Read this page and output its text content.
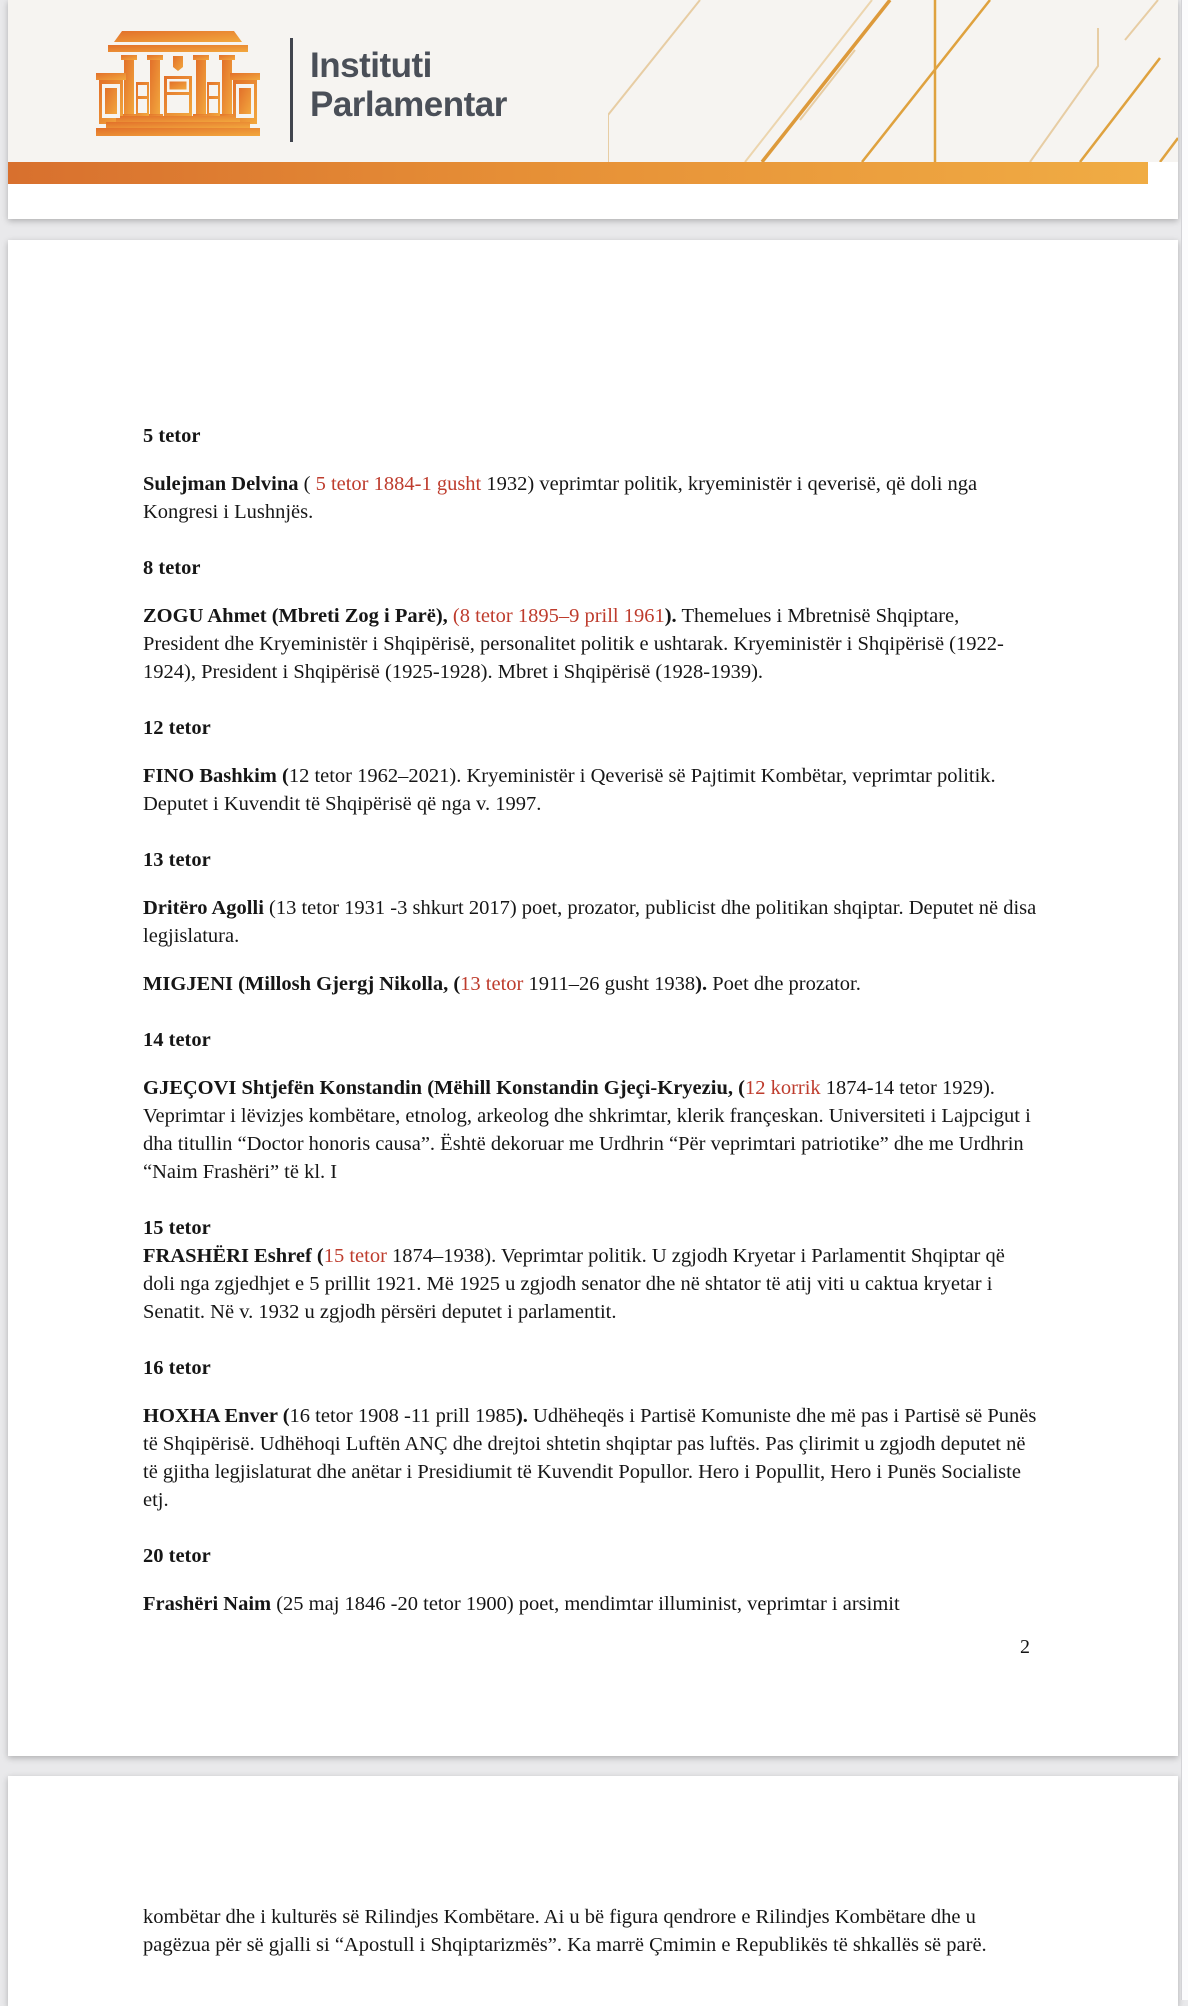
Instituti
Parlamentar
5 tetor

Sulejman Delvina ( 5 tetor 1884-1 gusht 1932) veprimtar politik, kryeministër i qeverisë, që doli nga Kongresi i Lushnjës.

8 tetor

ZOGU Ahmet (Mbreti Zog i Parë), (8 tetor 1895–9 prill 1961). Themelues i Mbretnisë Shqiptare, President dhe Kryeministër i Shqipërisë, personalitet politik e ushtarak. Kryeministër i Shqipërisë (1922-1924), President i Shqipërisë (1925-1928). Mbret i Shqipërisë (1928-1939).

12 tetor

FINO Bashkim (12 tetor 1962–2021). Kryeministër i Qeverisë së Pajtimit Kombëtar, veprimtar politik. Deputet i Kuvendit të Shqipërisë që nga v. 1997.

13 tetor

Dritëro Agolli (13 tetor 1931 -3 shkurt 2017) poet, prozator, publicist dhe politikan shqiptar. Deputet në disa legjislatura.

MIGJENI (Millosh Gjergj Nikolla, (13 tetor 1911–26 gusht 1938). Poet dhe prozator.

14 tetor

GJEÇOVI Shtjefën Konstandin (Mëhill Konstandin Gjeçi-Kryeziu, (12 korrik 1874-14 tetor 1929). Veprimtar i lëvizjes kombëtare, etnolog, arkeolog dhe shkrimtar, klerik françeskan. Universiteti i Lajpcigut i dha titullin “Doctor honoris causa”. Është dekoruar me Urdhrin “Për veprimtari patriotike” dhe me Urdhrin “Naim Frashëri” të kl. I

15 tetor

FRASHËRI Eshref (15 tetor 1874–1938). Veprimtar politik. U zgjodh Kryetar i Parlamentit Shqiptar që doli nga zgjedhjet e 5 prillit 1921. Më 1925 u zgjodh senator dhe në shtator të atij viti u caktua kryetar i Senatit. Në v. 1932 u zgjodh përsëri deputet i parlamentit.

16 tetor

HOXHA Enver (16 tetor 1908 -11 prill 1985). Udhëheqës i Partisë Komuniste dhe më pas i Partisë së Punës të Shqipërisë. Udhëhoqi Luftën ANÇ dhe drejtoi shtetin shqiptar pas luftës. Pas çlirimit u zgjodh deputet në të gjitha legjislaturat dhe anëtar i Presidiumit të Kuvendit Popullor. Hero i Popullit, Hero i Punës Socialiste etj.

20 tetor

Frashëri Naim (25 maj 1846 -20 tetor 1900) poet, mendimtar illuminist, veprimtar i arsimit

2

kombëtar dhe i kulturës së Rilindjes Kombëtare. Ai u bë figura qendrore e Rilindjes Kombëtare dhe u pagëzua për së gjalli si “Apostull i Shqiptarizmës”. Ka marrë Çmimin e Republikës të shkallës së parë.
